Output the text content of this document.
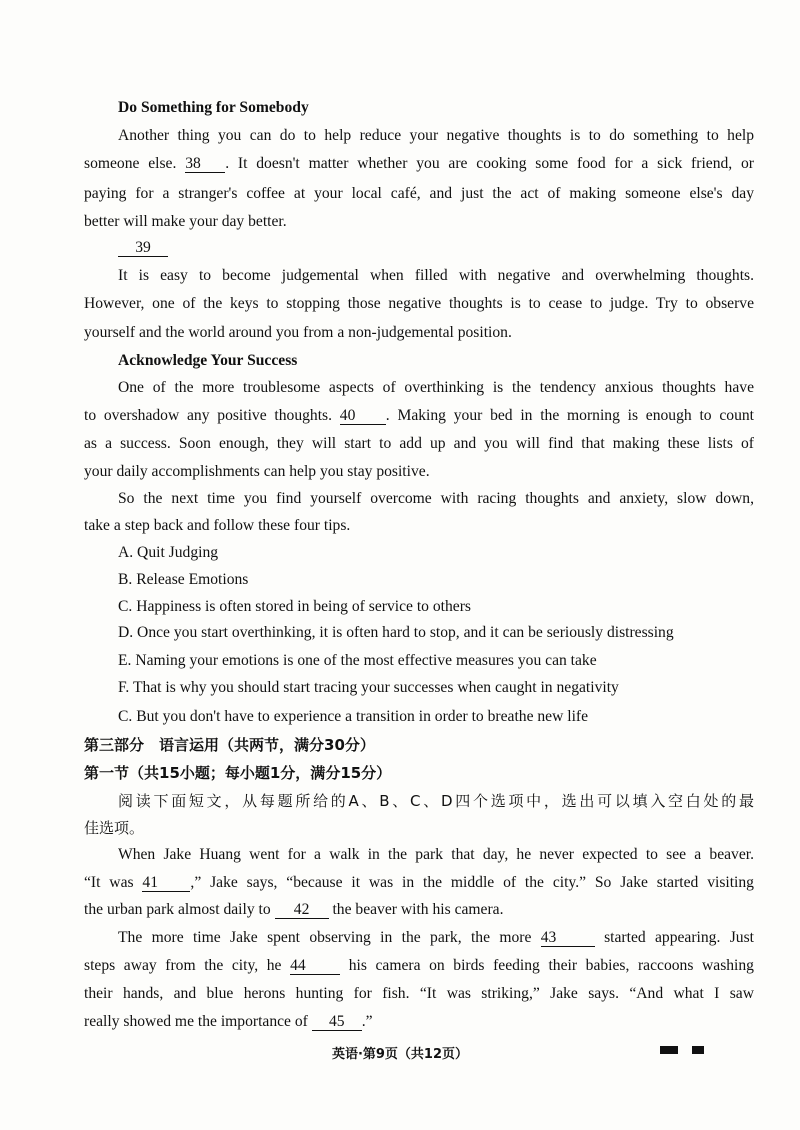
Do Something for Somebody
Another thing you can do to help reduce your negative thoughts is to do something to help
someone else. 38 . It doesn't matter whether you are cooking some food for a sick friend, or
paying for a stranger's coffee at your local café, and just the act of making someone else's day
better will make your day better.
39
It is easy to become judgemental when filled with negative and overwhelming thoughts.
However, one of the keys to stopping those negative thoughts is to cease to judge. Try to observe
yourself and the world around you from a non-judgemental position.
Acknowledge Your Success
One of the more troublesome aspects of overthinking is the tendency anxious thoughts have
to overshadow any positive thoughts. 40 . Making your bed in the morning is enough to count
as a success. Soon enough, they will start to add up and you will find that making these lists of
your daily accomplishments can help you stay positive.
So the next time you find yourself overcome with racing thoughts and anxiety, slow down,
take a step back and follow these four tips.
A. Quit Judging
B. Release Emotions
C. Happiness is often stored in being of service to others
D. Once you start overthinking, it is often hard to stop, and it can be seriously distressing
E. Naming your emotions is one of the most effective measures you can take
F. That is why you should start tracing your successes when caught in negativity
C. But you don't have to experience a transition in order to breathe new life
第三部分　语言运用（共两节，满分30分）
第一节（共15小题；每小题1分，满分15分）
阅读下面短文，从每题所给的A、B、C、D四个选项中，选出可以填入空白处的最
佳选项。
When Jake Huang went for a walk in the park that day, he never expected to see a beaver.
“It was 41 ,” Jake says, “because it was in the middle of the city.” So Jake started visiting
the urban park almost daily to 42 the beaver with his camera.
The more time Jake spent observing in the park, the more 43	started appearing. Just
steps away from the city, he 44	his camera on birds feeding their babies, raccoons washing
their hands, and blue herons hunting for fish. “It was striking,” Jake says. “And what I saw
really showed me the importance of 45 .”
英语·第9页（共12页）
